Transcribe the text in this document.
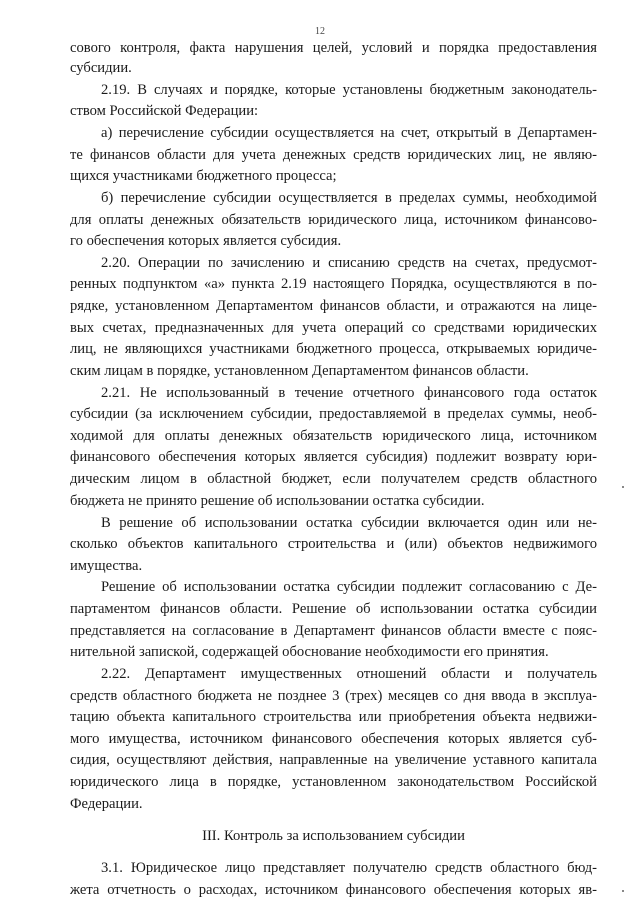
12
сового контроля, факта нарушения целей, условий и порядка предоставления
субсидии.
2.19. В случаях и порядке, которые установлены бюджетным законодатель-
ством Российской Федерации:
а) перечисление субсидии осуществляется на счет, открытый в Департамен-
те финансов области для учета денежных средств юридических лиц, не являю-
щихся участниками бюджетного процесса;
б) перечисление субсидии осуществляется в пределах суммы, необходимой
для оплаты денежных обязательств юридического лица, источником финансово-
го обеспечения которых является субсидия.
2.20. Операции по зачислению и списанию средств на счетах, предусмот-
ренных подпунктом «а» пункта 2.19 настоящего Порядка, осуществляются в по-
рядке, установленном Департаментом финансов области, и отражаются на лице-
вых счетах, предназначенных для учета операций со средствами юридических
лиц, не являющихся участниками бюджетного процесса, открываемых юридиче-
ским лицам в порядке, установленном Департаментом финансов области.
2.21. Не использованный в течение отчетного финансового года остаток
субсидии (за исключением субсидии, предоставляемой в пределах суммы, необ-
ходимой для оплаты денежных обязательств юридического лица, источником
финансового обеспечения которых является субсидия) подлежит возврату юри-
дическим лицом в областной бюджет, если получателем средств областного
бюджета не принято решение об использовании остатка субсидии.
В решение об использовании остатка субсидии включается один или не-
сколько объектов капитального строительства и (или) объектов недвижимого
имущества.
Решение об использовании остатка субсидии подлежит согласованию с Де-
партаментом финансов области. Решение об использовании остатка субсидии
представляется на согласование в Департамент финансов области вместе с пояс-
нительной запиской, содержащей обоснование необходимости его принятия.
2.22. Департамент имущественных отношений области и получатель
средств областного бюджета не позднее 3 (трех) месяцев со дня ввода в эксплуа-
тацию объекта капитального строительства или приобретения объекта недвижи-
мого имущества, источником финансового обеспечения которых является суб-
сидия, осуществляют действия, направленные на увеличение уставного капитала
юридического лица в порядке, установленном законодательством Российской
Федерации.
III. Контроль за использованием субсидии
3.1. Юридическое лицо представляет получателю средств областного бюд-
жета отчетность о расходах, источником финансового обеспечения которых яв-
